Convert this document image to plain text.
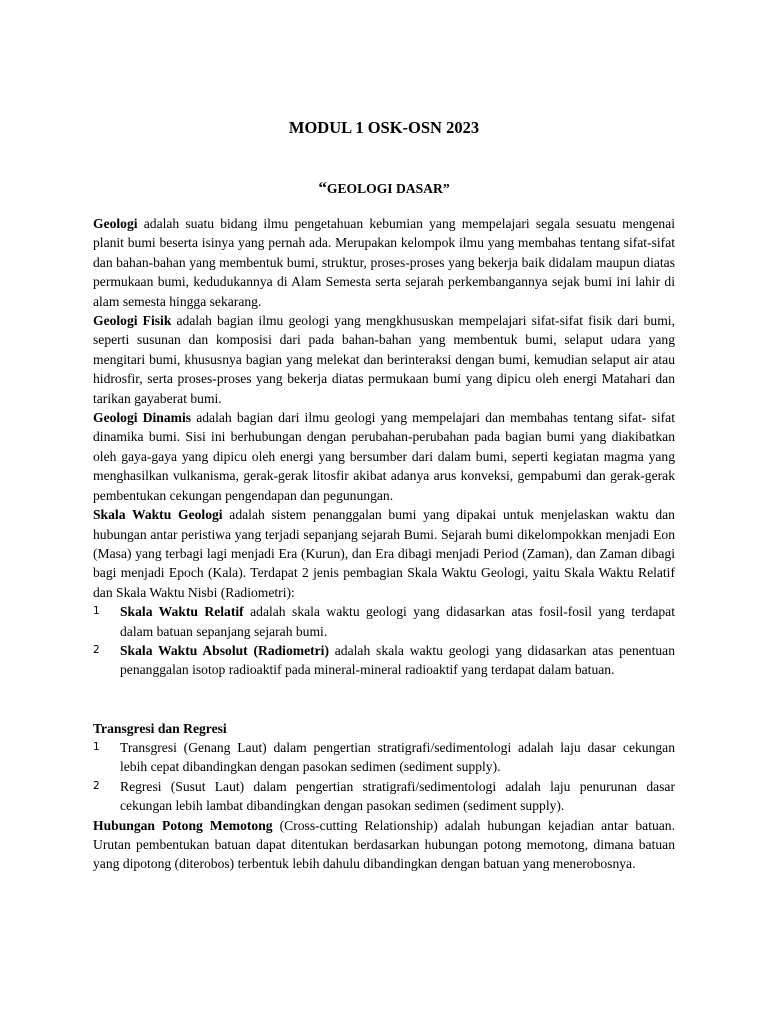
MODUL 1 OSK-OSN 2023
“GEOLOGI DASAR”

Geologi adalah suatu bidang ilmu pengetahuan kebumian yang mempelajari segala sesuatu mengenai planit bumi beserta isinya yang pernah ada. Merupakan kelompok ilmu yang membahas tentang sifat-sifat dan bahan-bahan yang membentuk bumi, struktur, proses-proses yang bekerja baik didalam maupun diatas permukaan bumi, kedudukannya di Alam Semesta serta sejarah perkembangannya sejak bumi ini lahir di alam semesta hingga sekarang.

Geologi Fisik adalah bagian ilmu geologi yang mengkhususkan mempelajari sifat-sifat fisik dari bumi, seperti susunan dan komposisi dari pada bahan-bahan yang membentuk bumi, selaput udara yang mengitari bumi, khususnya bagian yang melekat dan berinteraksi dengan bumi, kemudian selaput air atau hidrosfir, serta proses-proses yang bekerja diatas permukaan bumi yang dipicu oleh energi Matahari dan tarikan gayaberat bumi.

Geologi Dinamis adalah bagian dari ilmu geologi yang mempelajari dan membahas tentang sifat- sifat dinamika bumi. Sisi ini berhubungan dengan perubahan-perubahan pada bagian bumi yang diakibatkan oleh gaya-gaya yang dipicu oleh energi yang bersumber dari dalam bumi, seperti kegiatan magma yang menghasilkan vulkanisma, gerak-gerak litosfir akibat adanya arus konveksi, gempabumi dan gerak-gerak pembentukan cekungan pengendapan dan pegunungan.

Skala Waktu Geologi adalah sistem penanggalan bumi yang dipakai untuk menjelaskan waktu dan hubungan antar peristiwa yang terjadi sepanjang sejarah Bumi. Sejarah bumi dikelompokkan menjadi Eon (Masa) yang terbagi lagi menjadi Era (Kurun), dan Era dibagi menjadi Period (Zaman), dan Zaman dibagi bagi menjadi Epoch (Kala). Terdapat 2 jenis pembagian Skala Waktu Geologi, yaitu Skala Waktu Relatif dan Skala Waktu Nisbi (Radiometri):

1 Skala Waktu Relatif adalah skala waktu geologi yang didasarkan atas fosil-fosil yang terdapat dalam batuan sepanjang sejarah bumi.
2 Skala Waktu Absolut (Radiometri) adalah skala waktu geologi yang didasarkan atas penentuan penanggalan isotop radioaktif pada mineral-mineral radioaktif yang terdapat dalam batuan.

Transgresi dan Regresi

1 Transgresi (Genang Laut) dalam pengertian stratigrafi/sedimentologi adalah laju dasar cekungan lebih cepat dibandingkan dengan pasokan sedimen (sediment supply).
2 Regresi (Susut Laut) dalam pengertian stratigrafi/sedimentologi adalah laju penurunan dasar cekungan lebih lambat dibandingkan dengan pasokan sedimen (sediment supply).

Hubungan Potong Memotong (Cross-cutting Relationship) adalah hubungan kejadian antar batuan. Urutan pembentukan batuan dapat ditentukan berdasarkan hubungan potong memotong, dimana batuan yang dipotong (diterobos) terbentuk lebih dahulu dibandingkan dengan batuan yang menerobosnya.
